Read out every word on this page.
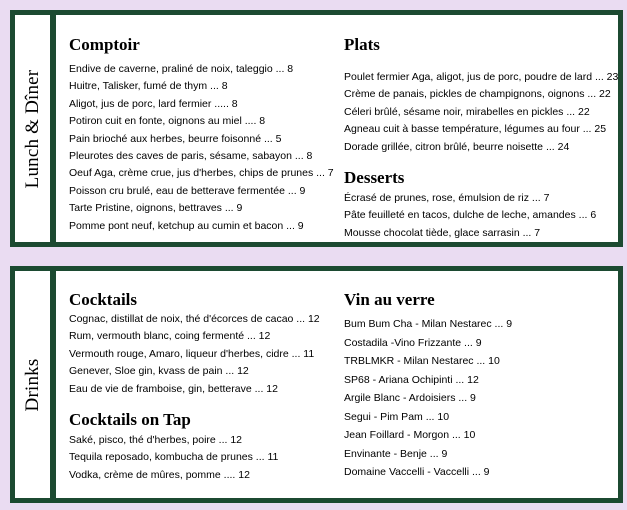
Lunch & Dîner
Comptoir
Endive de caverne, praliné de noix, taleggio ... 8
Huitre, Talisker, fumé de thym ... 8
Aligot, jus de porc, lard fermier ..... 8
Potiron cuit en fonte, oignons au miel .... 8
Pain brioché aux herbes, beurre foisonné ... 5
Pleurotes des caves de paris, sésame, sabayon ... 8
Oeuf Aga, crème crue, jus d'herbes, chips de prunes ... 7
Poisson cru brulé, eau de betterave fermentée ... 9
Tarte Pristine, oignons, bettraves ... 9
Pomme pont neuf, ketchup au cumin et bacon ... 9
Plats
Poulet fermier Aga, aligot, jus de porc, poudre de lard ... 23
Crème de panais, pickles de champignons, oignons ... 22
Céleri brûlé, sésame noir, mirabelles en pickles ... 22
Agneau cuit à basse température, légumes au four ... 25
Dorade grillée, citron brûlé, beurre noisette ... 24
Desserts
Écrasé de prunes, rose, émulsion de riz ... 7
Pâte feuilleté en tacos, dulche de leche, amandes ... 6
Mousse chocolat tiède, glace sarrasin ... 7
Drinks
Cocktails
Cognac, distillat de noix, thé d'écorces de cacao ... 12
Rum, vermouth blanc, coing fermenté ... 12
Vermouth rouge, Amaro, liqueur d'herbes, cidre ... 11
Genever, Sloe gin, kvass de pain ... 12
Eau de vie de framboise, gin, betterave ... 12
Cocktails on Tap
Saké, pisco, thé d'herbes, poire ... 12
Tequila reposado, kombucha de prunes ... 11
Vodka, crème de mûres, pomme .... 12
Vin au verre
Bum Bum Cha - Milan Nestarec ... 9
Costadila -Vino Frizzante ... 9
TRBLMKR - Milan Nestarec ... 10
SP68 - Ariana Ochipinti ... 12
Argile Blanc - Ardoisiers ... 9
Segui - Pim Pam ... 10
Jean Foillard - Morgon ... 10
Envinante - Benje ... 9
Domaine Vaccelli - Vaccelli ... 9
